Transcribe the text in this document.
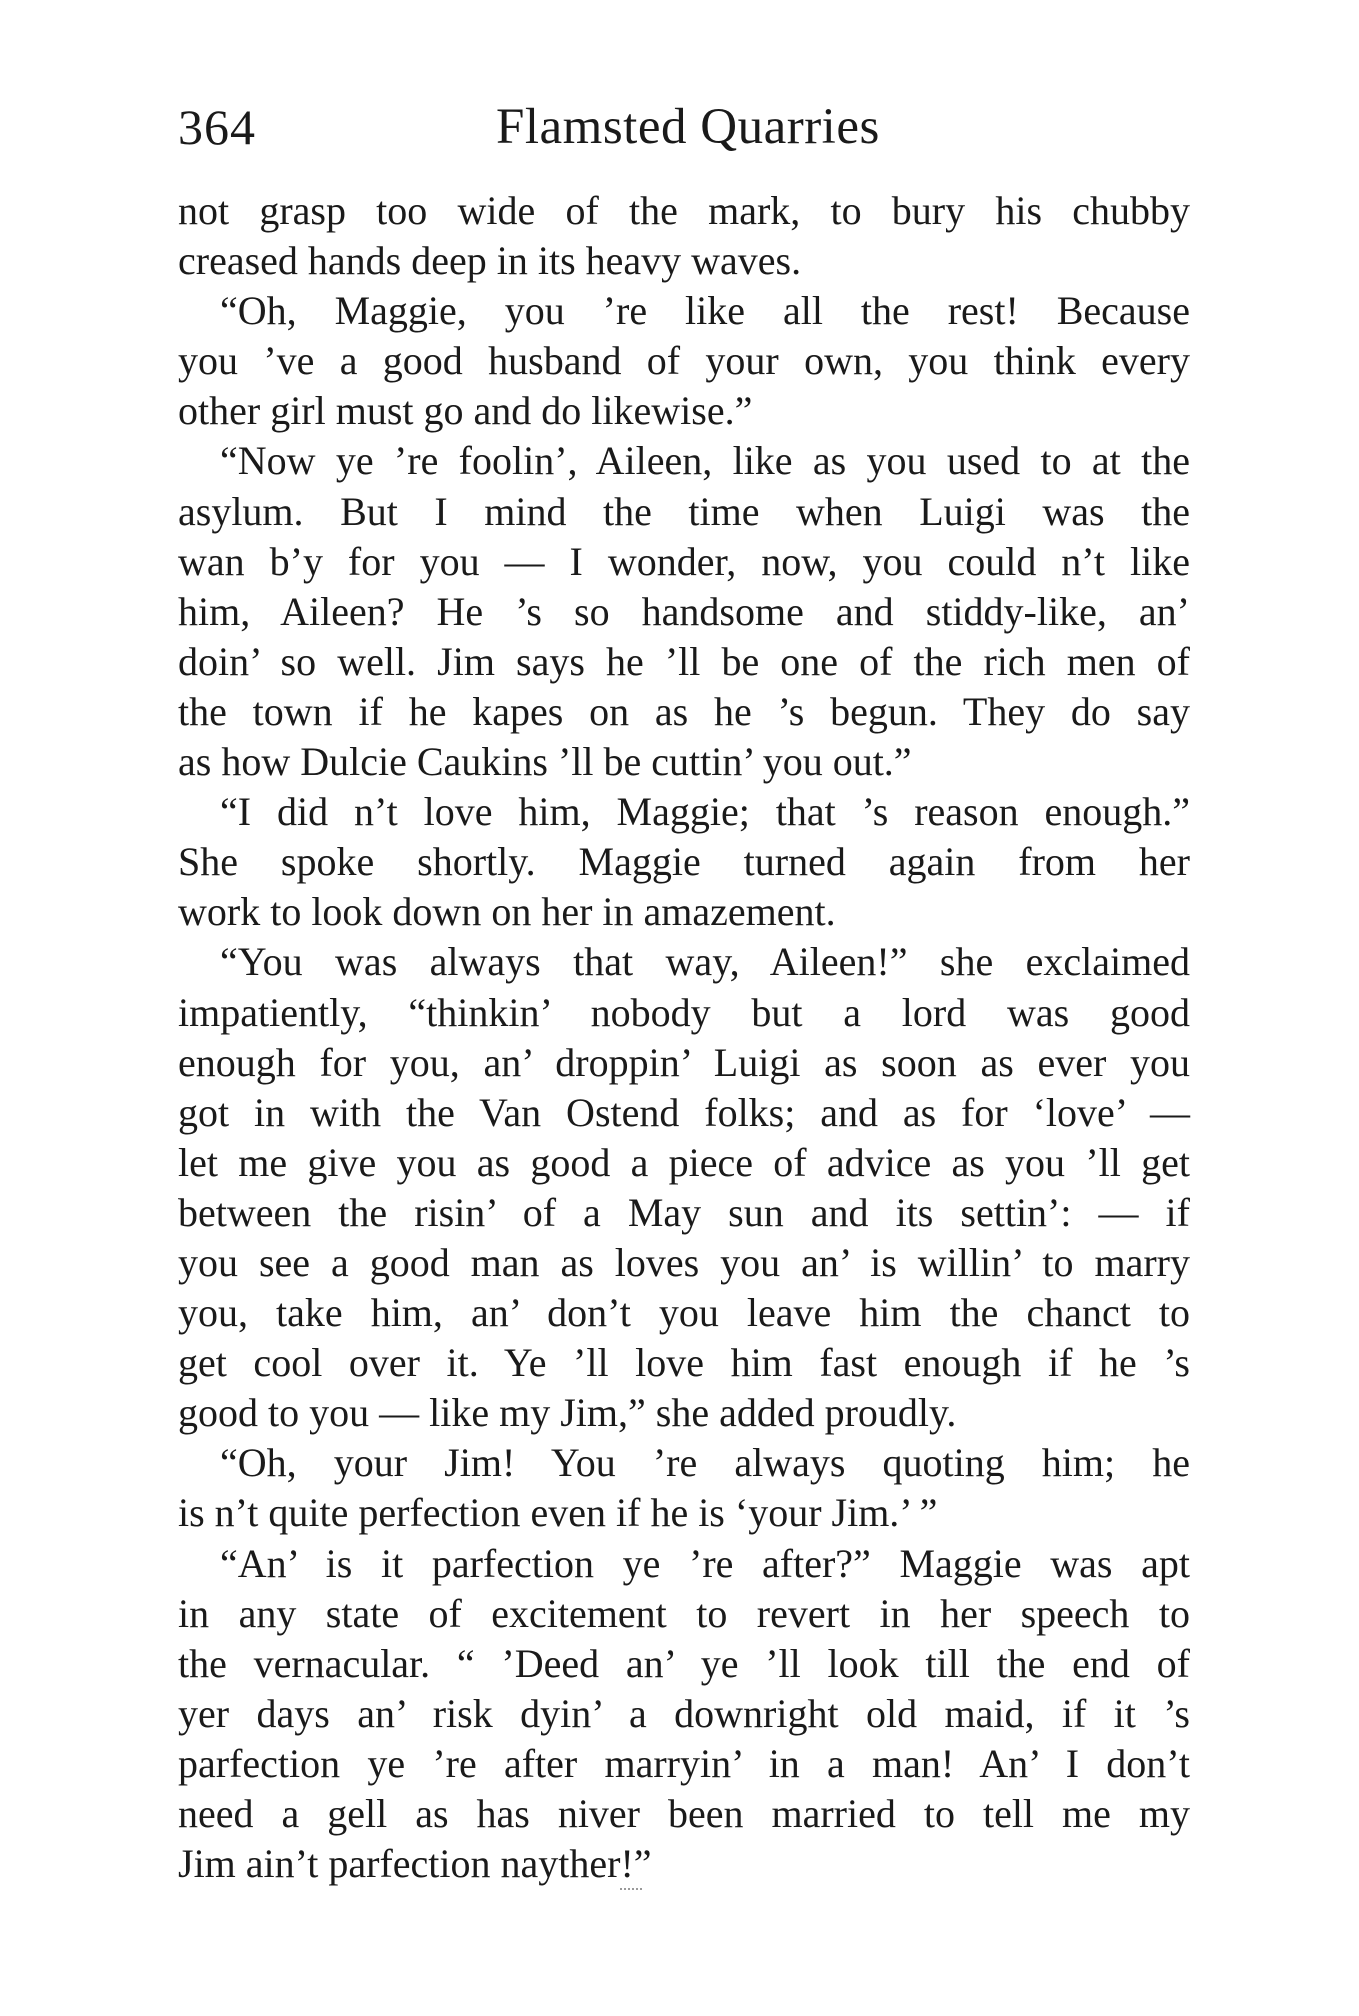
364	Flamsted Quarries
not grasp too wide of the mark, to bury his chubby
creased hands deep in its heavy waves.
“Oh, Maggie, you ’re like all the rest! Because
you ’ve a good husband of your own, you think every
other girl must go and do likewise.”
“Now ye ’re foolin’, Aileen, like as you used to at the
asylum. But I mind the time when Luigi was the
wan b’y for you — I wonder, now, you could n’t like
him, Aileen? He ’s so handsome and stiddy-like, an’
doin’ so well. Jim says he ’ll be one of the rich men of
the town if he kapes on as he ’s begun. They do say
as how Dulcie Caukins ’ll be cuttin’ you out.”
“I did n’t love him, Maggie; that ’s reason enough.”
She spoke shortly. Maggie turned again from her
work to look down on her in amazement.
“You was always that way, Aileen!” she exclaimed
impatiently, “thinkin’ nobody but a lord was good
enough for you, an’ droppin’ Luigi as soon as ever you
got in with the Van Ostend folks; and as for ‘love’ —
let me give you as good a piece of advice as you ’ll get
between the risin’ of a May sun and its settin’: — if
you see a good man as loves you an’ is willin’ to marry
you, take him, an’ don’t you leave him the chanct to
get cool over it. Ye ’ll love him fast enough if he ’s
good to you — like my Jim,” she added proudly.
“Oh, your Jim! You ’re always quoting him; he
is n’t quite perfection even if he is ‘your Jim.’ ”
“An’ is it parfection ye ’re after?” Maggie was apt
in any state of excitement to revert in her speech to
the vernacular. “ ’Deed an’ ye ’ll look till the end of
yer days an’ risk dyin’ a downright old maid, if it ’s
parfection ye ’re after marryin’ in a man! An’ I don’t
need a gell as has niver been married to tell me my
Jim ain’t parfection nayther!”
